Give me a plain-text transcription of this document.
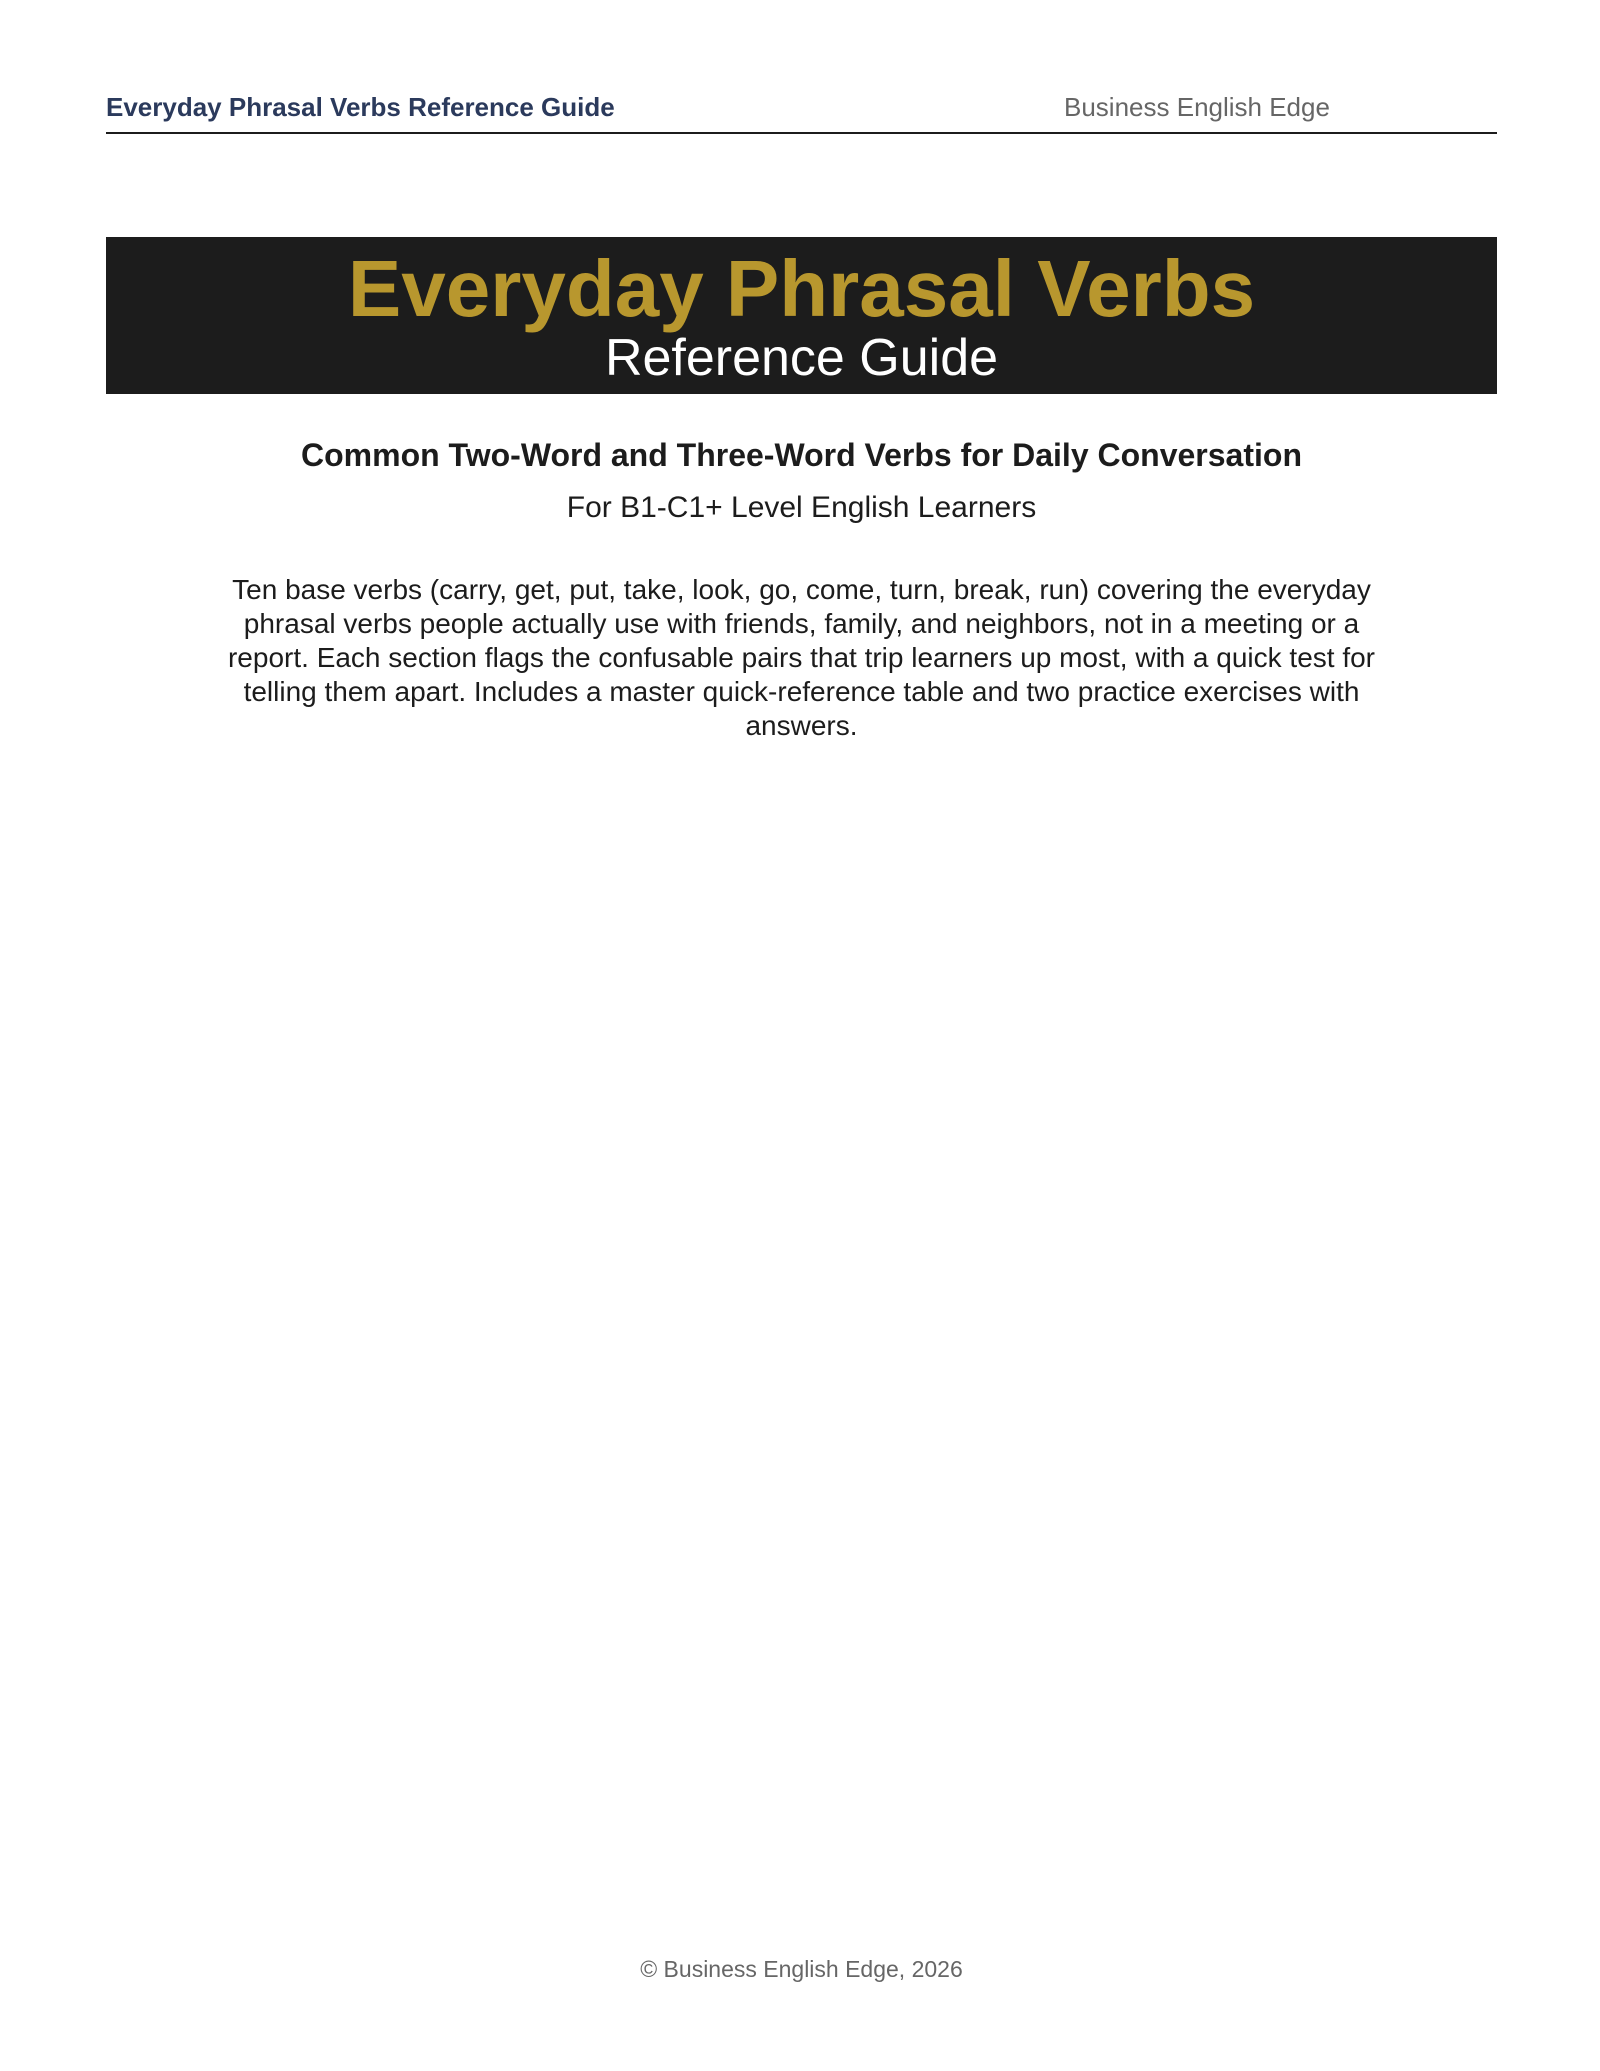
Everyday Phrasal Verbs Reference Guide	Business English Edge
Everyday Phrasal Verbs
Reference Guide
Common Two-Word and Three-Word Verbs for Daily Conversation
For B1-C1+ Level English Learners

Ten base verbs (carry, get, put, take, look, go, come, turn, break, run) covering the everyday phrasal verbs people actually use with friends, family, and neighbors, not in a meeting or a report. Each section flags the confusable pairs that trip learners up most, with a quick test for telling them apart. Includes a master quick-reference table and two practice exercises with answers.

© Business English Edge, 2026
